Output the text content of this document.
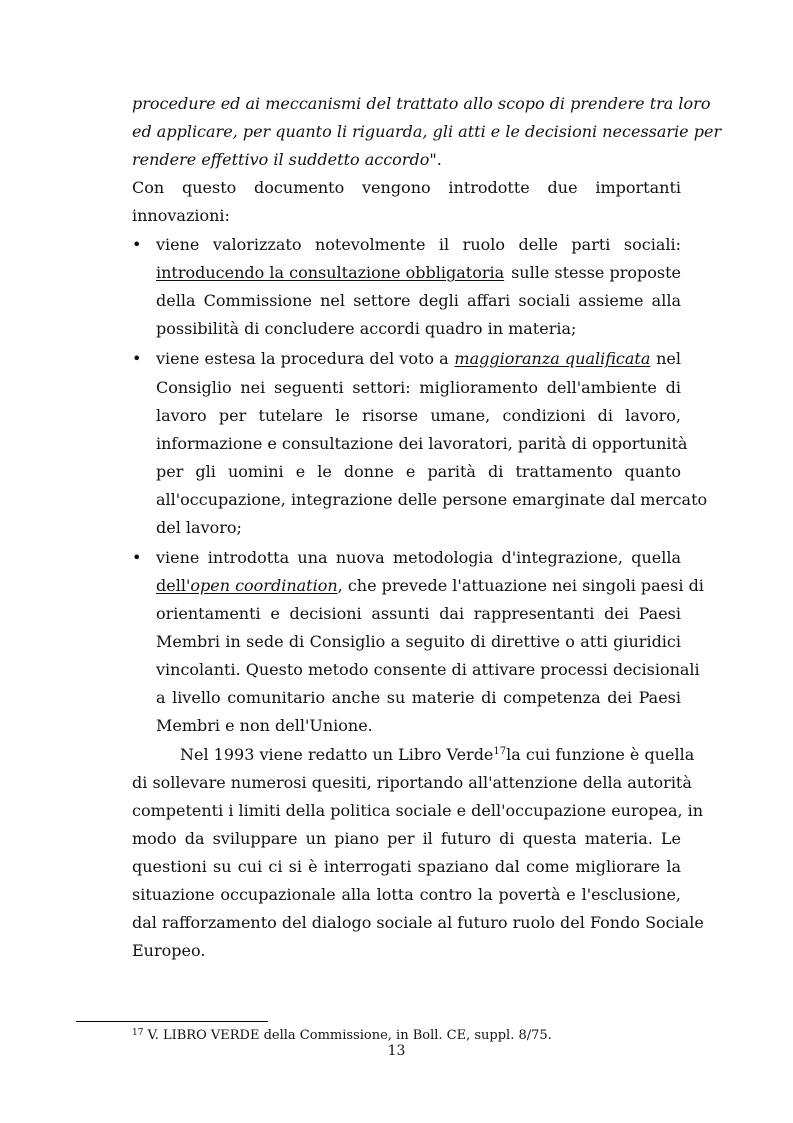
procedure ed ai meccanismi del trattato allo scopo di prendere tra loro

ed applicare, per quanto li riguarda, gli atti e le decisioni necessarie per

rendere effettivo il suddetto accordo".

Con questo documento vengono introdotte due importanti

innovazioni:

• viene valorizzato notevolmente il ruolo delle parti sociali:

introducendo la consultazione obbligatoria sulle stesse proposte

della Commissione nel settore degli affari sociali assieme alla

possibilità di concludere accordi quadro in materia;

• viene estesa la procedura del voto a maggioranza qualificata nel

Consiglio nei seguenti settori: miglioramento dell'ambiente di

lavoro per tutelare le risorse umane, condizioni di lavoro,

informazione e consultazione dei lavoratori, parità di opportunità

per gli uomini e le donne e parità di trattamento quanto

all'occupazione, integrazione delle persone emarginate dal mercato

del lavoro;

• viene introdotta una nuova metodologia d'integrazione, quella

dell'open coordination , che prevede l'attuazione nei singoli paesi di

orientamenti e decisioni assunti dai rappresentanti dei Paesi

Membri in sede di Consiglio a seguito di direttive o atti giuridici

vincolanti. Questo metodo consente di attivare processi decisionali

a livello comunitario anche su materie di competenza dei Paesi

Membri e non dell'Unione.

Nel 1993 viene redatto un Libro Verde$^{17}$ la cui funzione è quella

di sollevare numerosi quesiti, riportando all'attenzione della autorità

competenti i limiti della politica sociale e dell'occupazione europea, in

modo da sviluppare un piano per il futuro di questa materia. Le

questioni su cui ci si è interrogati spaziano dal come migliorare la

situazione occupazionale alla lotta contro la povertà e l'esclusione,

dal rafforzamento del dialogo sociale al futuro ruolo del Fondo Sociale

Europeo.

$^{17}$ V. LIBRO VERDE della Commissione, in Boll. CE, suppl. 8/75.
13
